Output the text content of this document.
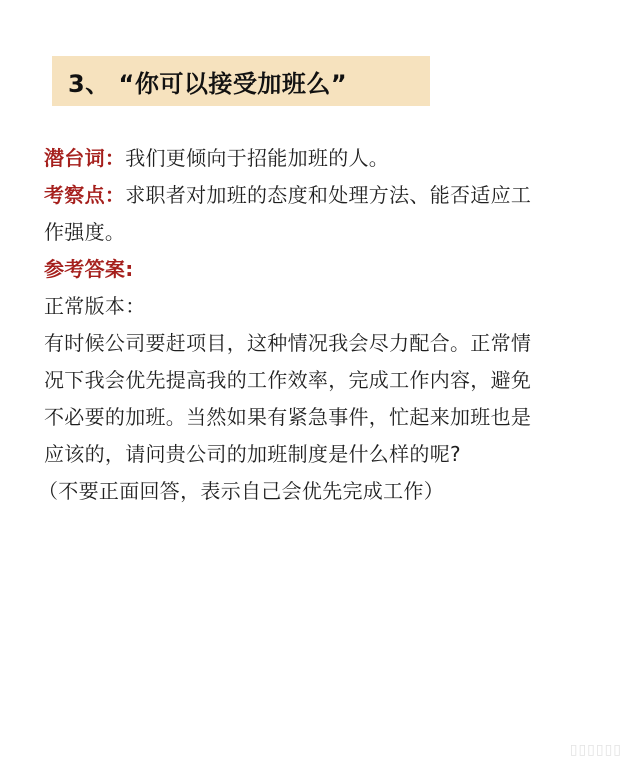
3、 “你可以接受加班么”
潜台词：我们更倾向于招能加班的人。
考察点：求职者对加班的态度和处理方法、能否适应工
作强度。
参考答案:
正常版本：
有时候公司要赶项目，这种情况我会尽力配合。正常情
况下我会优先提高我的工作效率，完成工作内容，避免
不必要的加班。当然如果有紧急事件，忙起来加班也是
应该的，请问贵公司的加班制度是什么样的呢?
（不要正面回答，表示自己会优先完成工作）
▯▯▯▯▯▯
